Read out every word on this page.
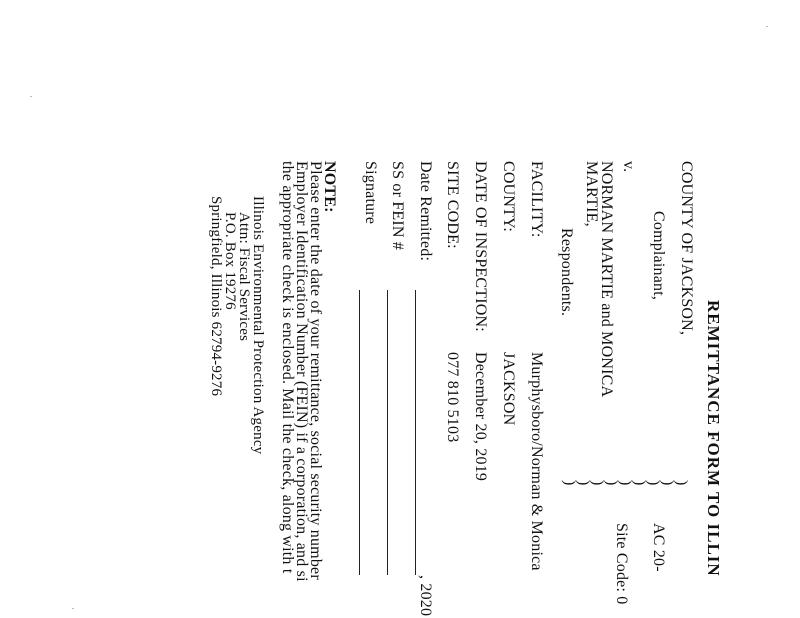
REMITTANCE FORM TO ILLIN
COUNTY OF JACKSON,
Complainant,
v.
NORMAN MARTIE and MONICA
MARTIE,
Respondents.
)
)
)
)
)
)
)
)
)
AC 20-
Site Code: 0
FACILITY:
Murphysboro/Norman & Monica
COUNTY:
JACKSON
DATE OF INSPECTION:
December 20, 2019
SITE CODE:
077 810 5103
Date Remitted:
, 2020
SS or FEIN #
Signature
NOTE:
Please enter the date of your remittance, social security number
Employer Identification Number (FEIN) if a corporation, and si
the appropriate check is enclosed. Mail the check, along with t
Illinois Environmental Protection Agency
Attn: Fiscal Services
P.O. Box 19276
Springfield, Illinois 62794-9276
